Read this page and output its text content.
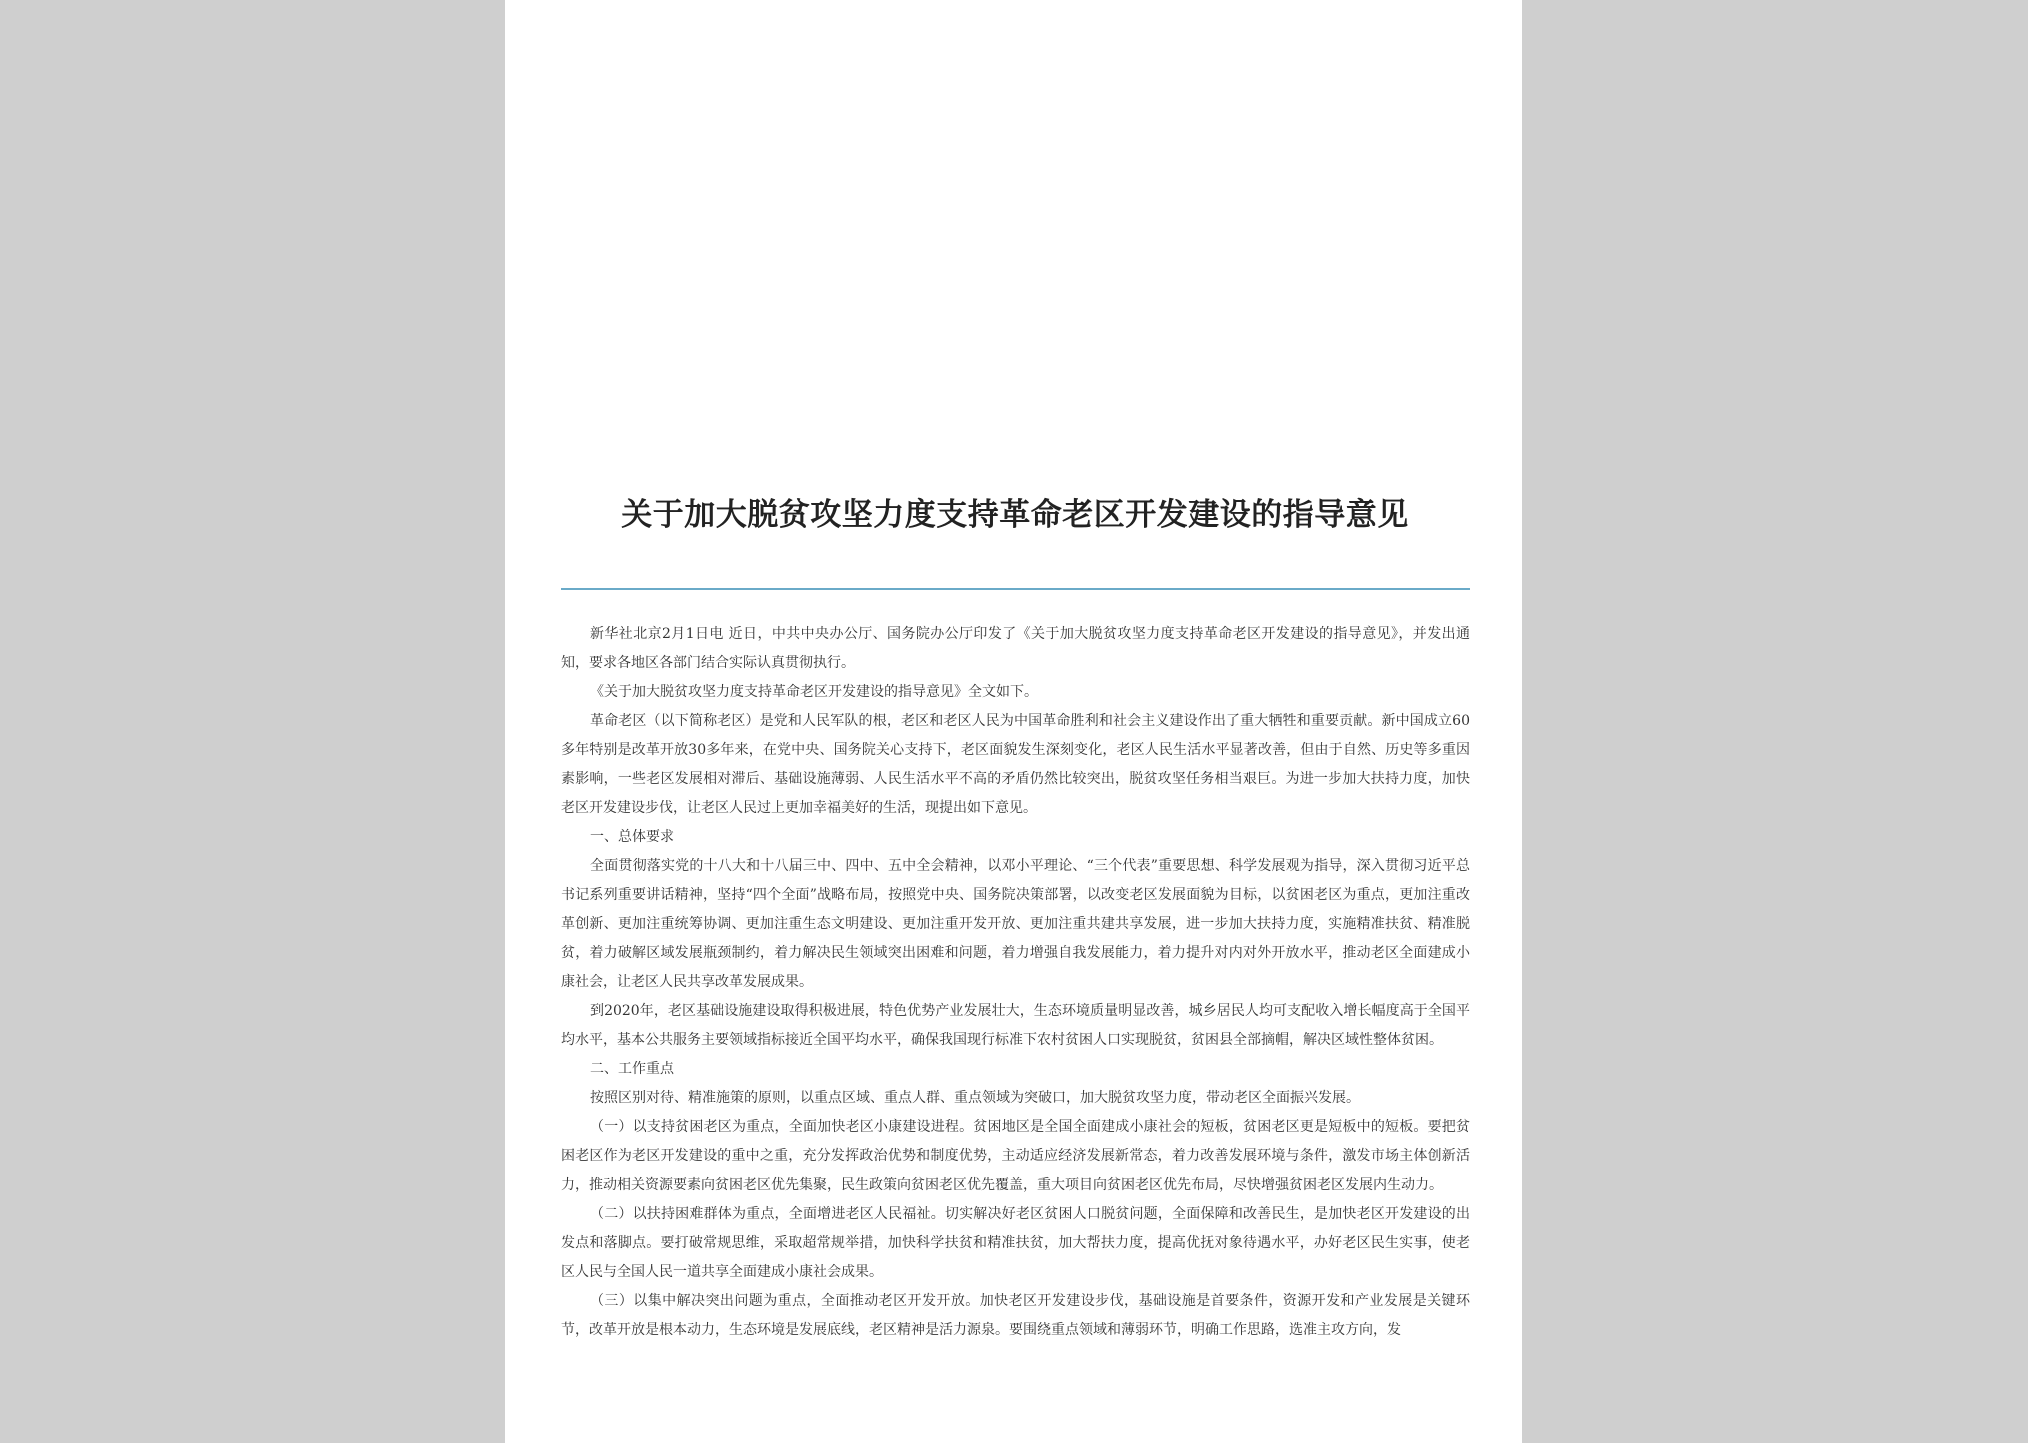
关于加大脱贫攻坚力度支持革命老区开发建设的指导意见

新华社北京2月1日电 近日，中共中央办公厅、国务院办公厅印发了《关于加大脱贫攻坚力度支持革命老区开发建设的指导意见》，并发出通知，要求各地区各部门结合实际认真贯彻执行。

《关于加大脱贫攻坚力度支持革命老区开发建设的指导意见》全文如下。

革命老区（以下简称老区）是党和人民军队的根，老区和老区人民为中国革命胜利和社会主义建设作出了重大牺牲和重要贡献。新中国成立60多年特别是改革开放30多年来，在党中央、国务院关心支持下，老区面貌发生深刻变化，老区人民生活水平显著改善，但由于自然、历史等多重因素影响，一些老区发展相对滞后、基础设施薄弱、人民生活水平不高的矛盾仍然比较突出，脱贫攻坚任务相当艰巨。为进一步加大扶持力度，加快老区开发建设步伐，让老区人民过上更加幸福美好的生活，现提出如下意见。

一、总体要求

全面贯彻落实党的十八大和十八届三中、四中、五中全会精神，以邓小平理论、“三个代表”重要思想、科学发展观为指导，深入贯彻习近平总书记系列重要讲话精神，坚持“四个全面”战略布局，按照党中央、国务院决策部署，以改变老区发展面貌为目标，以贫困老区为重点，更加注重改革创新、更加注重统筹协调、更加注重生态文明建设、更加注重开发开放、更加注重共建共享发展，进一步加大扶持力度，实施精准扶贫、精准脱贫，着力破解区域发展瓶颈制约，着力解决民生领域突出困难和问题，着力增强自我发展能力，着力提升对内对外开放水平，推动老区全面建成小康社会，让老区人民共享改革发展成果。

到2020年，老区基础设施建设取得积极进展，特色优势产业发展壮大，生态环境质量明显改善，城乡居民人均可支配收入增长幅度高于全国平均水平，基本公共服务主要领域指标接近全国平均水平，确保我国现行标准下农村贫困人口实现脱贫，贫困县全部摘帽，解决区域性整体贫困。

二、工作重点

按照区别对待、精准施策的原则，以重点区域、重点人群、重点领域为突破口，加大脱贫攻坚力度，带动老区全面振兴发展。

（一）以支持贫困老区为重点，全面加快老区小康建设进程。贫困地区是全国全面建成小康社会的短板，贫困老区更是短板中的短板。要把贫困老区作为老区开发建设的重中之重，充分发挥政治优势和制度优势，主动适应经济发展新常态，着力改善发展环境与条件，激发市场主体创新活力，推动相关资源要素向贫困老区优先集聚，民生政策向贫困老区优先覆盖，重大项目向贫困老区优先布局，尽快增强贫困老区发展内生动力。

（二）以扶持困难群体为重点，全面增进老区人民福祉。切实解决好老区贫困人口脱贫问题，全面保障和改善民生，是加快老区开发建设的出发点和落脚点。要打破常规思维，采取超常规举措，加快科学扶贫和精准扶贫，加大帮扶力度，提高优抚对象待遇水平，办好老区民生实事，使老区人民与全国人民一道共享全面建成小康社会成果。

（三）以集中解决突出问题为重点，全面推动老区开发开放。加快老区开发建设步伐，基础设施是首要条件，资源开发和产业发展是关键环节，改革开放是根本动力，生态环境是发展底线，老区精神是活力源泉。要围绕重点领域和薄弱环节，明确工作思路，选准主攻方向，发
